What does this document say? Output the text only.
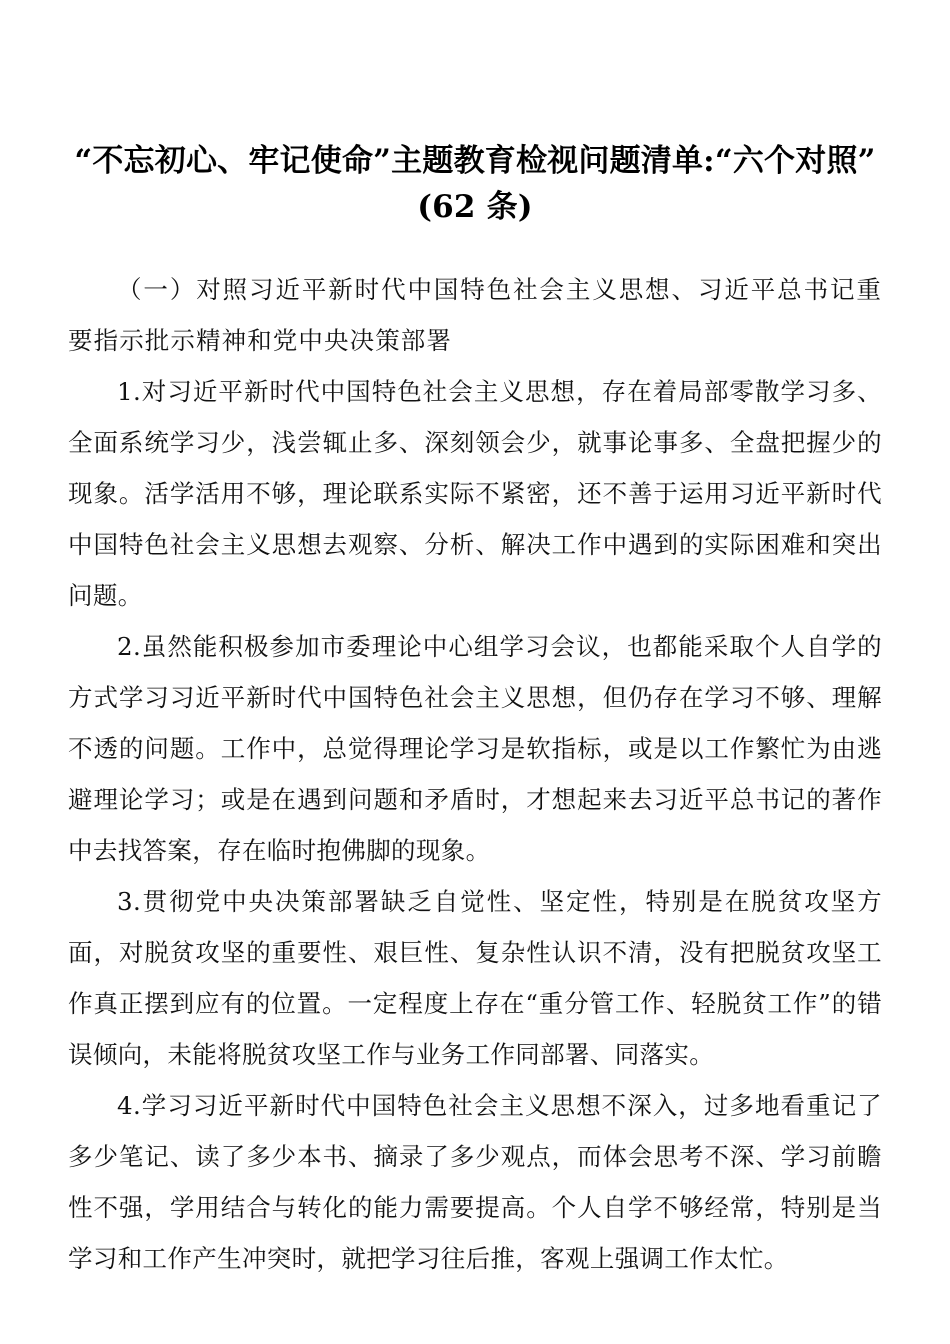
“不忘初心、牢记使命”主题教育检视问题清单:“六个对照”(62 条)

（一）对照习近平新时代中国特色社会主义思想、习近平总书记重要指示批示精神和党中央决策部署

1.对习近平新时代中国特色社会主义思想，存在着局部零散学习多、全面系统学习少，浅尝辄止多、深刻领会少，就事论事多、全盘把握少的现象。活学活用不够，理论联系实际不紧密，还不善于运用习近平新时代中国特色社会主义思想去观察、分析、解决工作中遇到的实际困难和突出问题。

2.虽然能积极参加市委理论中心组学习会议，也都能采取个人自学的方式学习习近平新时代中国特色社会主义思想，但仍存在学习不够、理解不透的问题。工作中，总觉得理论学习是软指标，或是以工作繁忙为由逃避理论学习；或是在遇到问题和矛盾时，才想起来去习近平总书记的著作中去找答案，存在临时抱佛脚的现象。

3.贯彻党中央决策部署缺乏自觉性、坚定性，特别是在脱贫攻坚方面，对脱贫攻坚的重要性、艰巨性、复杂性认识不清，没有把脱贫攻坚工作真正摆到应有的位置。一定程度上存在“重分管工作、轻脱贫工作”的错误倾向，未能将脱贫攻坚工作与业务工作同部署、同落实。

4.学习习近平新时代中国特色社会主义思想不深入，过多地看重记了多少笔记、读了多少本书、摘录了多少观点，而体会思考不深、学习前瞻性不强，学用结合与转化的能力需要提高。个人自学不够经常，特别是当学习和工作产生冲突时，就把学习往后推，客观上强调工作太忙。
